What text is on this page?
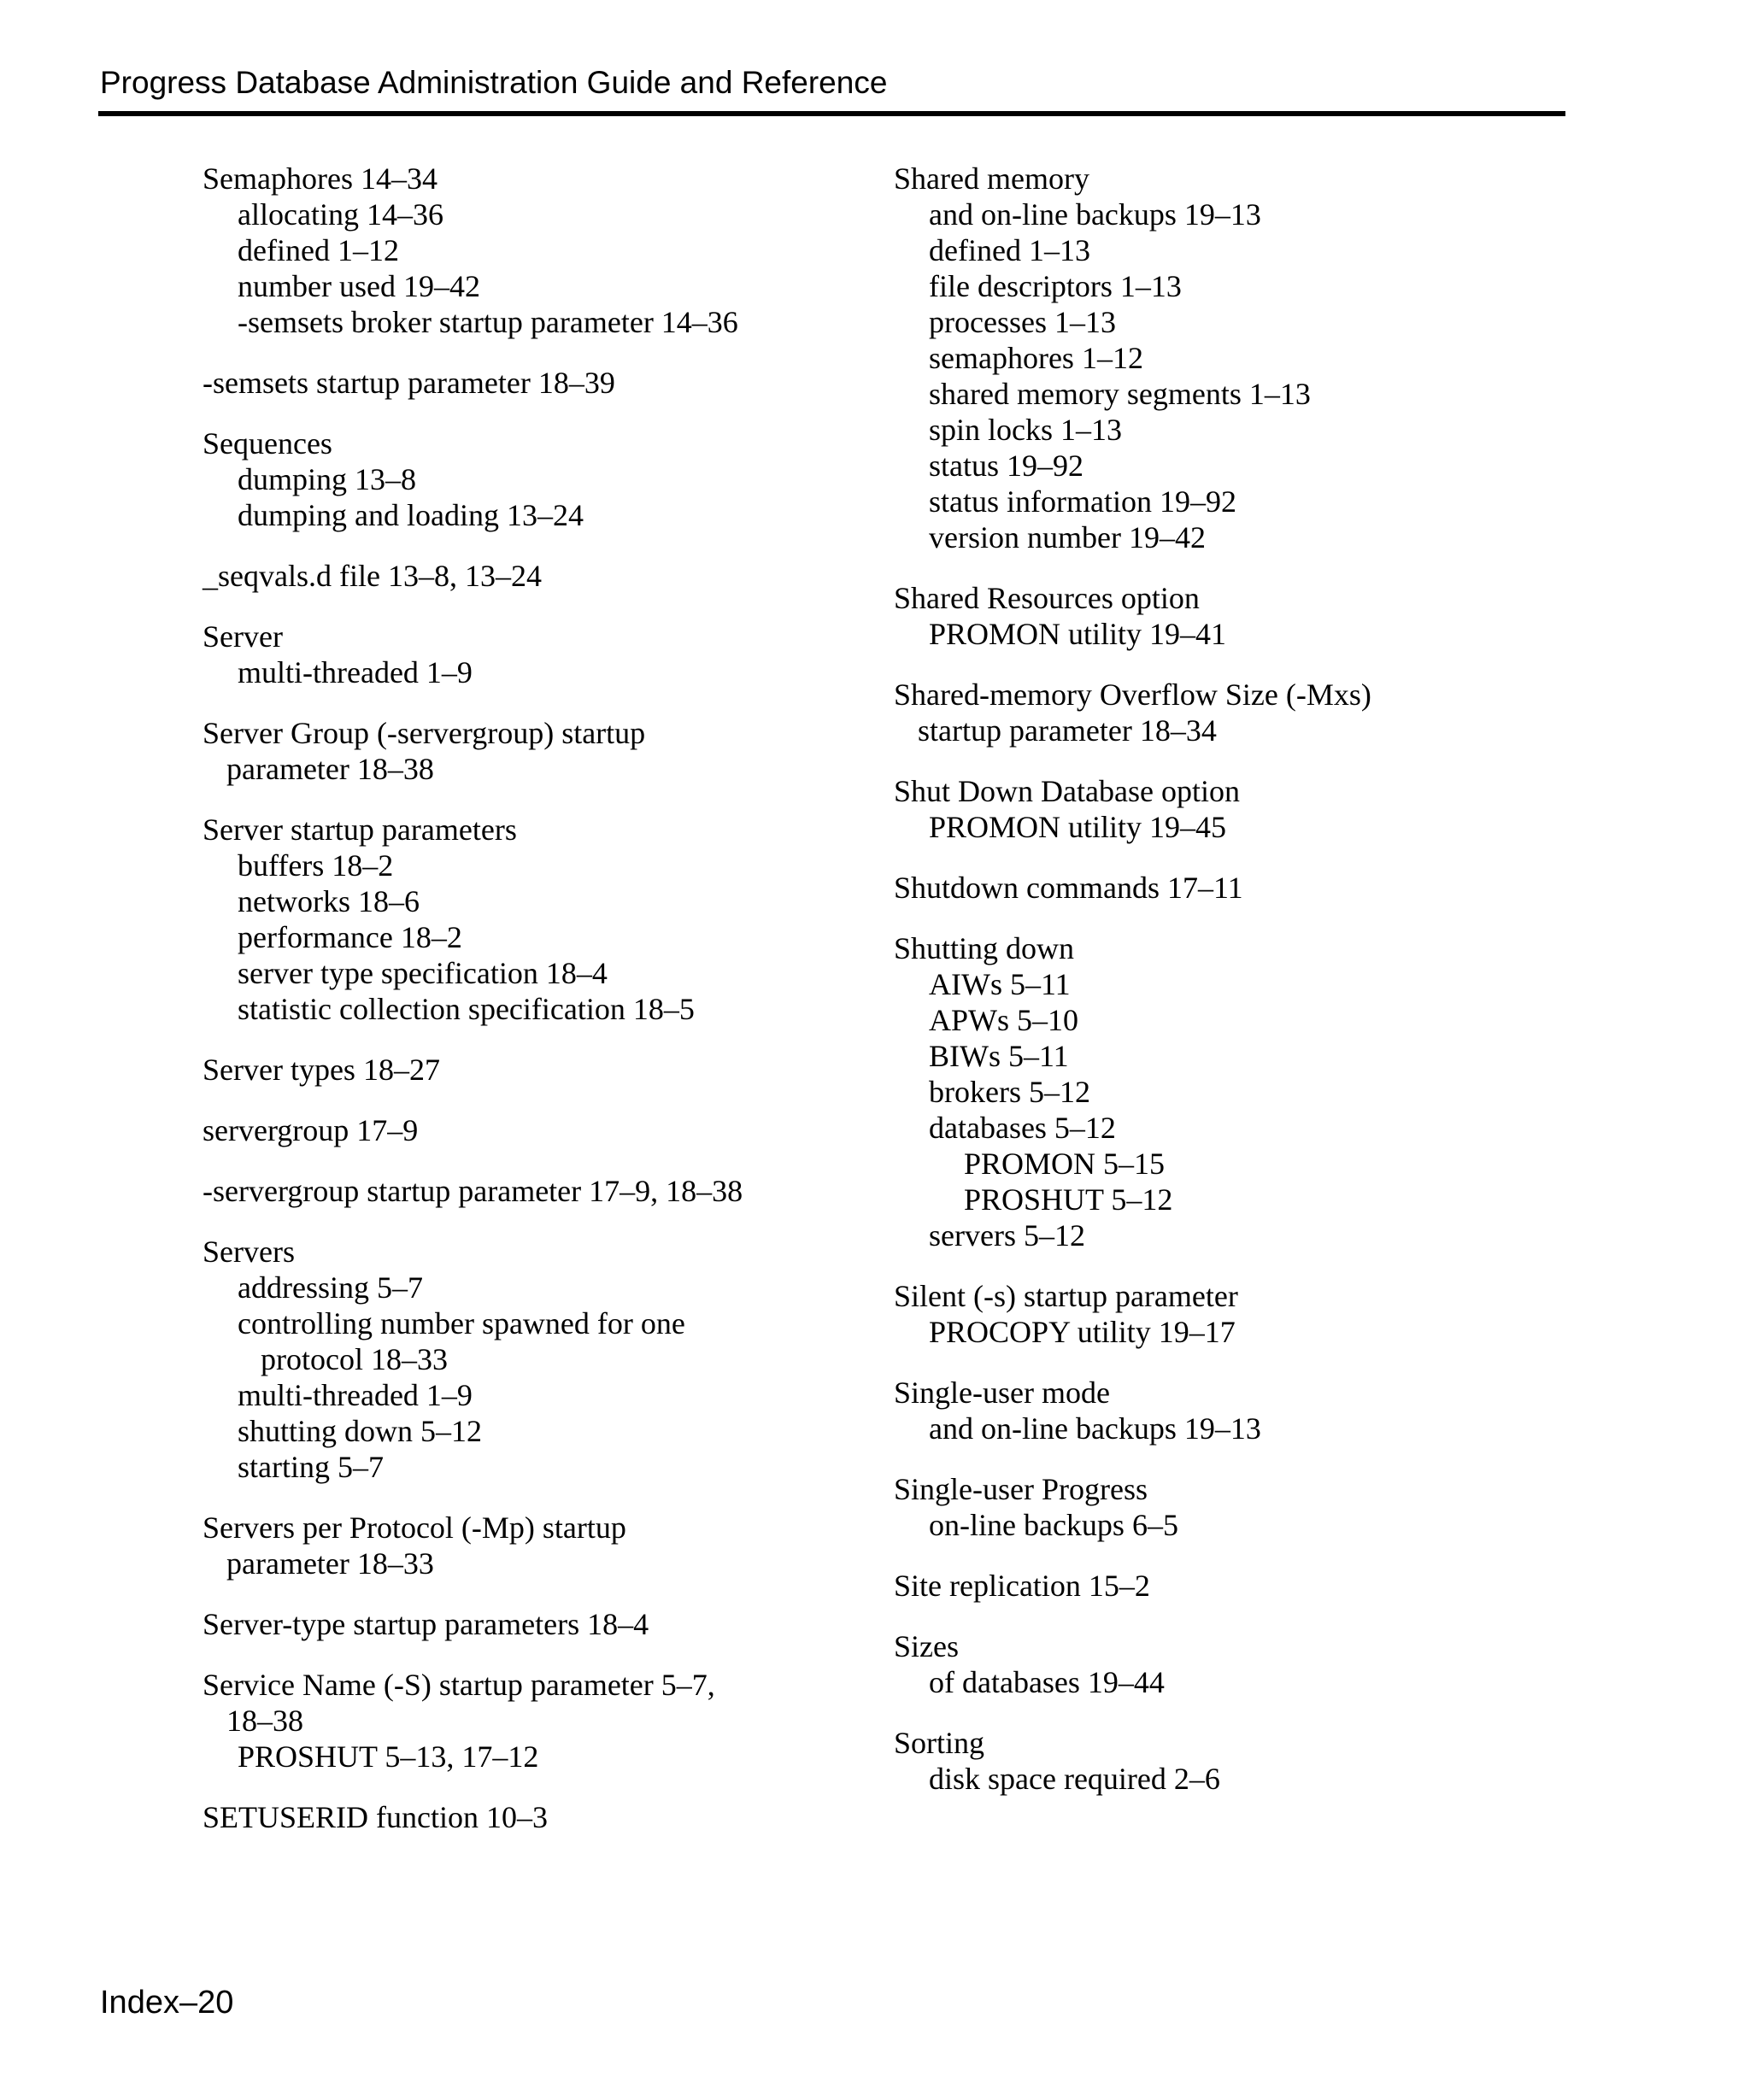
Progress Database Administration Guide and Reference
Semaphores 14–34
allocating 14–36
defined 1–12
number used 19–42
-semsets broker startup parameter 14–36
-semsets startup parameter 18–39
Sequences
dumping 13–8
dumping and loading 13–24
_seqvals.d file 13–8, 13–24
Server
multi-threaded 1–9
Server Group (-servergroup) startup
parameter 18–38
Server startup parameters
buffers 18–2
networks 18–6
performance 18–2
server type specification 18–4
statistic collection specification 18–5
Server types 18–27
servergroup 17–9
-servergroup startup parameter 17–9, 18–38
Servers
addressing 5–7
controlling number spawned for one
protocol 18–33
multi-threaded 1–9
shutting down 5–12
starting 5–7
Servers per Protocol (-Mp) startup
parameter 18–33
Server-type startup parameters 18–4
Service Name (-S) startup parameter 5–7,
18–38
PROSHUT 5–13, 17–12
SETUSERID function 10–3
Shared memory
and on-line backups 19–13
defined 1–13
file descriptors 1–13
processes 1–13
semaphores 1–12
shared memory segments 1–13
spin locks 1–13
status 19–92
status information 19–92
version number 19–42
Shared Resources option
PROMON utility 19–41
Shared-memory Overflow Size (-Mxs)
startup parameter 18–34
Shut Down Database option
PROMON utility 19–45
Shutdown commands 17–11
Shutting down
AIWs 5–11
APWs 5–10
BIWs 5–11
brokers 5–12
databases 5–12
PROMON 5–15
PROSHUT 5–12
servers 5–12
Silent (-s) startup parameter
PROCOPY utility 19–17
Single-user mode
and on-line backups 19–13
Single-user Progress
on-line backups 6–5
Site replication 15–2
Sizes
of databases 19–44
Sorting
disk space required 2–6
Index–20
